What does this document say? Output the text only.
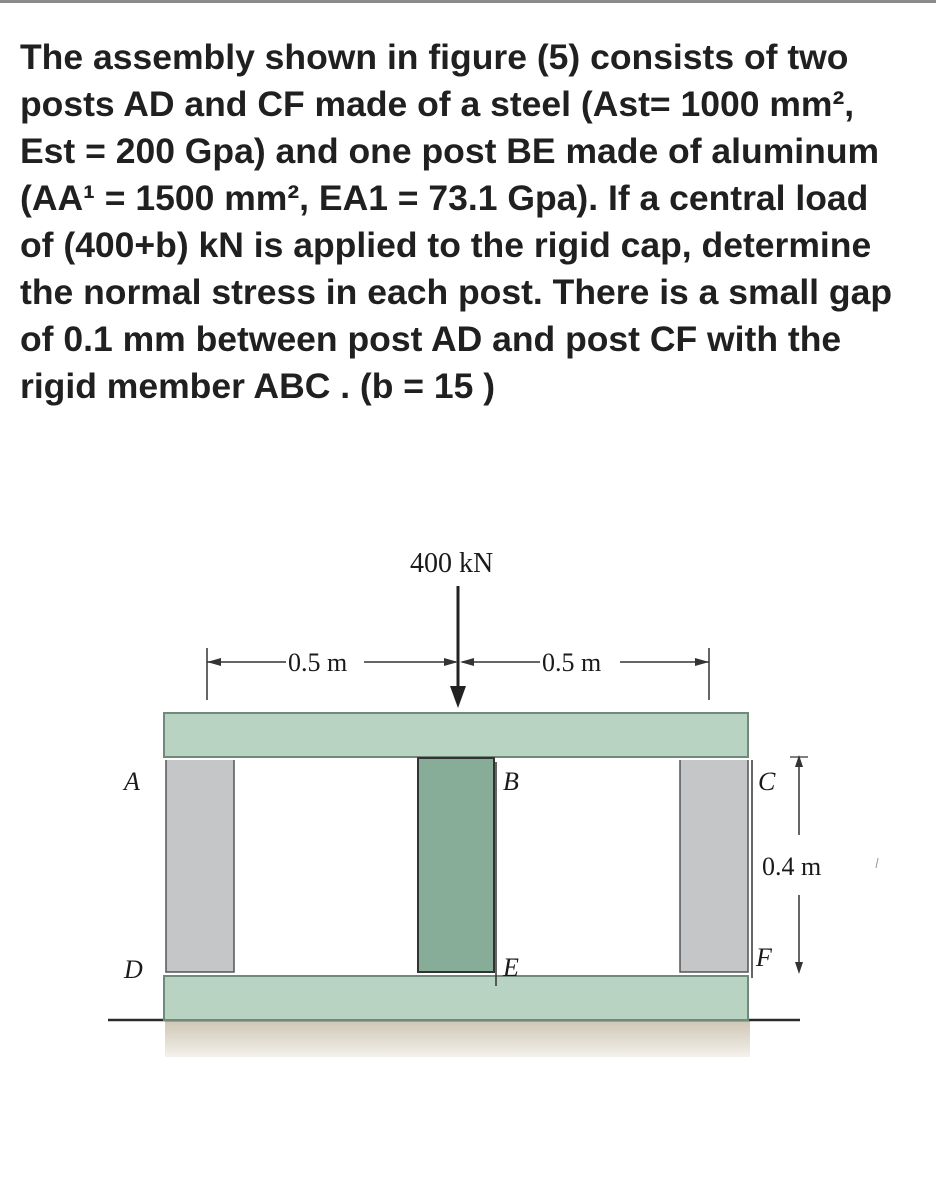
The assembly shown in figure (5) consists of two
posts AD and CF made of a steel (Ast= 1000 mm²,
Est = 200 Gpa) and one post BE made of aluminum
(AA¹ = 1500 mm², EA1 = 73.1 Gpa). If a central load
of (400+b) kN is applied to the rigid cap, determine
the normal stress in each post. There is a small gap
of 0.1 mm between post AD and post CF with the
rigid member ABC . (b = 15 )
A
D
B
E
C
F
0.4 m
0.5 m	0.5 m
400 kN
